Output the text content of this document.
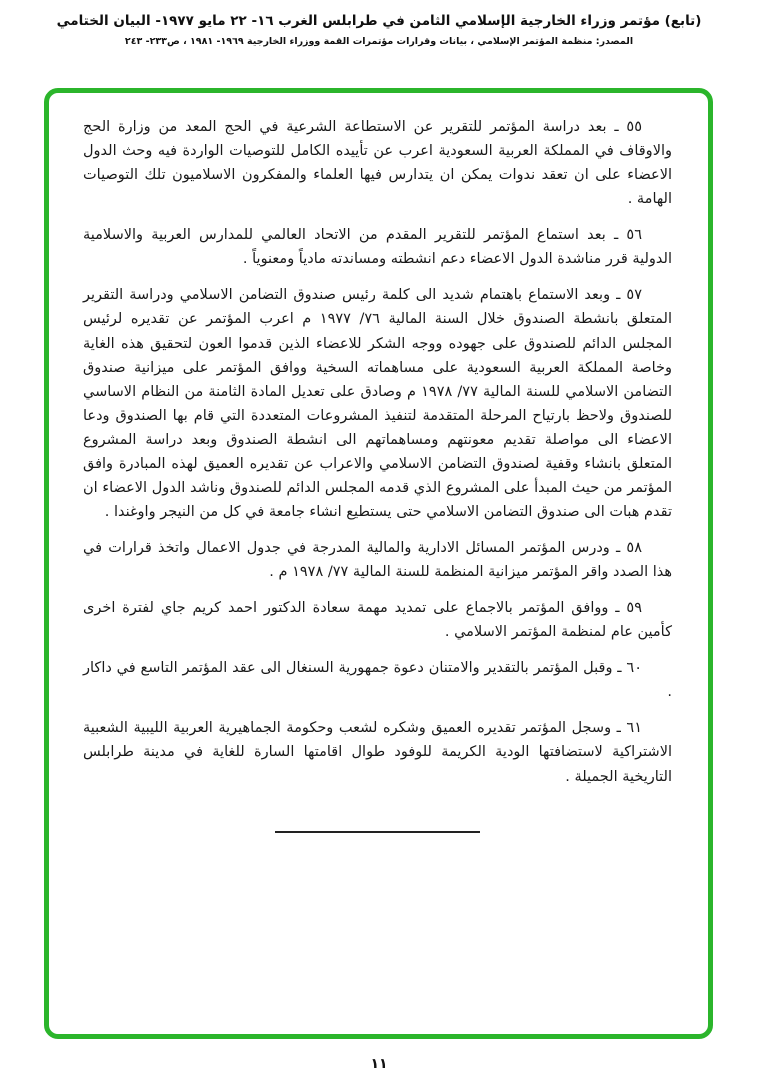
(تابع) مؤتمر وزراء الخارجية الإسلامي الثامن في طرابلس الغرب ١٦- ٢٢ مايو ١٩٧٧- البيان الختامي
المصدر: منظمة المؤتمر الإسلامي ، بيانات وقرارات مؤتمرات القمة ووزراء الخارجية ١٩٦٩- ١٩٨١ ، ص٢٣٣- ٢٤٣

٥٥ ـ بعد دراسة المؤتمر للتقرير عن الاستطاعة الشرعية في الحج المعد من وزارة الحج والاوقاف في المملكة العربية السعودية اعرب عن تأييده الكامل للتوصيات الواردة فيه وحث الدول الاعضاء على ان تعقد ندوات يمكن ان يتدارس فيها العلماء والمفكرون الاسلاميون تلك التوصيات الهامة .

٥٦ ـ بعد استماع المؤتمر للتقرير المقدم من الاتحاد العالمي للمدارس العربية والاسلامية الدولية قرر مناشدة الدول الاعضاء دعم انشطته ومساندته مادياً ومعنوياً .

٥٧ ـ وبعد الاستماع باهتمام شديد الى كلمة رئيس صندوق التضامن الاسلامي ودراسة التقرير المتعلق بانشطة الصندوق خلال السنة المالية ٧٦/ ١٩٧٧ م اعرب المؤتمر عن تقديره لرئيس المجلس الدائم للصندوق على جهوده ووجه الشكر للاعضاء الذين قدموا العون لتحقيق هذه الغاية وخاصة المملكة العربية السعودية على مساهماته السخية ووافق المؤتمر على ميزانية صندوق التضامن الاسلامي للسنة المالية ٧٧/ ١٩٧٨ م وصادق على تعديل المادة الثامنة من النظام الاساسي للصندوق ولاحظ بارتياح المرحلة المتقدمة لتنفيذ المشروعات المتعددة التي قام بها الصندوق ودعا الاعضاء الى مواصلة تقديم معونتهم ومساهماتهم الى انشطة الصندوق وبعد دراسة المشروع المتعلق بانشاء وقفية لصندوق التضامن الاسلامي والاعراب عن تقديره العميق لهذه المبادرة وافق المؤتمر من حيث المبدأ على المشروع الذي قدمه المجلس الدائم للصندوق وناشد الدول الاعضاء ان تقدم هبات الى صندوق التضامن الاسلامي حتى يستطيع انشاء جامعة في كل من النيجر واوغندا .

٥٨ ـ ودرس المؤتمر المسائل الادارية والمالية المدرجة في جدول الاعمال واتخذ قرارات في هذا الصدد واقر المؤتمر ميزانية المنظمة للسنة المالية ٧٧/ ١٩٧٨ م .

٥٩ ـ ووافق المؤتمر بالاجماع على تمديد مهمة سعادة الدكتور احمد كريم جاي لفترة اخرى كأمين عام لمنظمة المؤتمر الاسلامي .

٦٠ ـ وقبل المؤتمر بالتقدير والامتنان دعوة جمهورية السنغال الى عقد المؤتمر التاسع في داكار .

٦١ ـ وسجل المؤتمر تقديره العميق وشكره لشعب وحكومة الجماهيرية العربية الليبية الشعبية الاشتراكية لاستضافتها الودية الكريمة للوفود طوال اقامتها السارة للغاية في مدينة طرابلس التاريخية الجميلة .

١١
